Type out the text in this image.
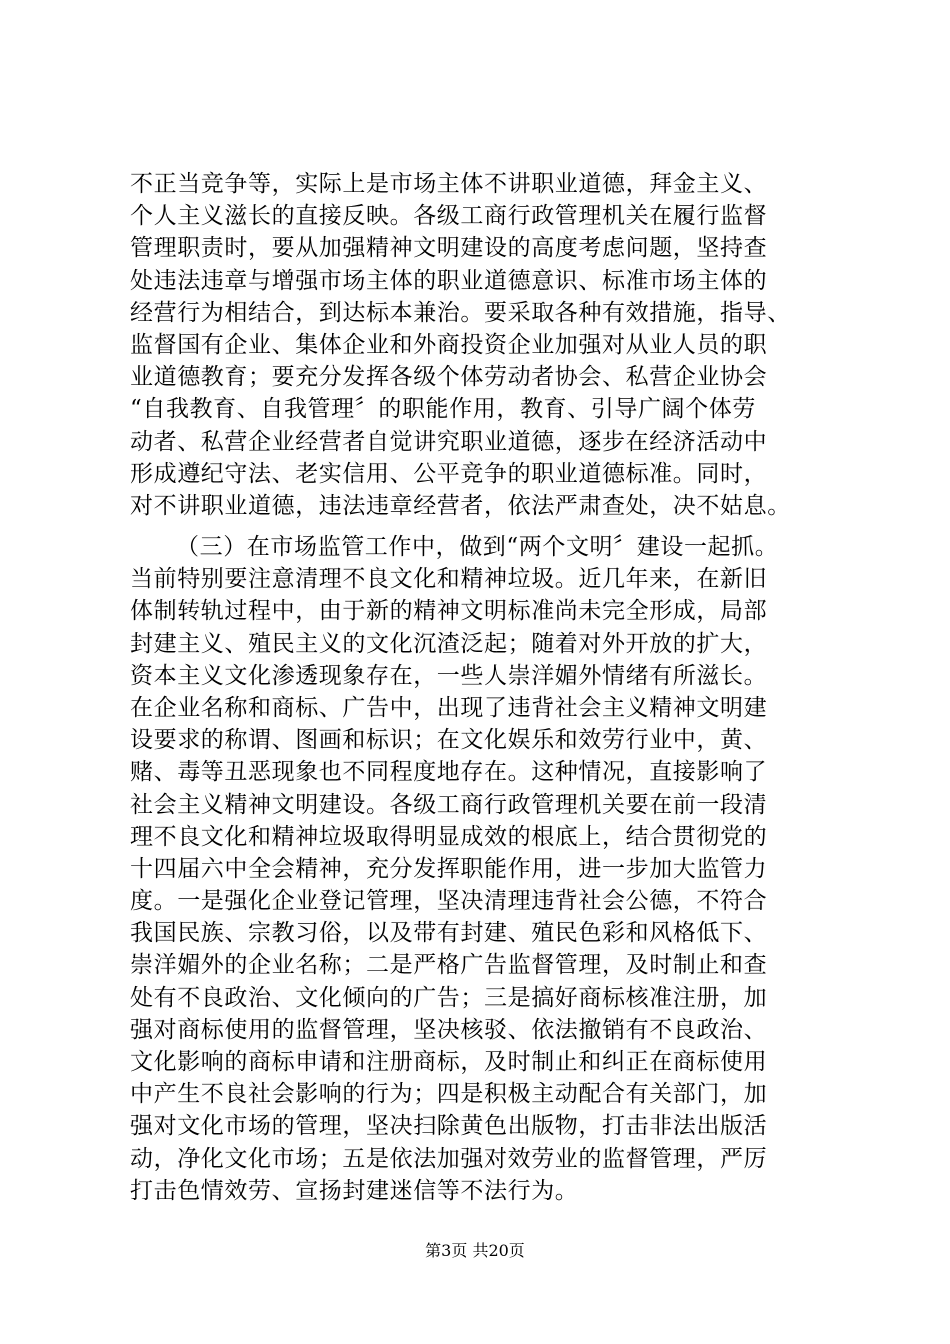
不正当竞争等，实际上是市场主体不讲职业道德，拜金主义、
个人主义滋长的直接反映。各级工商行政管理机关在履行监督
管理职责时，要从加强精神文明建设的高度考虑问题，坚持查
处违法违章与增强市场主体的职业道德意识、标准市场主体的
经营行为相结合，到达标本兼治。要采取各种有效措施，指导、
监督国有企业、集体企业和外商投资企业加强对从业人员的职
业道德教育；要充分发挥各级个体劳动者协会、私营企业协会
“自我教育、自我管理〞的职能作用，教育、引导广阔个体劳
动者、私营企业经营者自觉讲究职业道德，逐步在经济活动中
形成遵纪守法、老实信用、公平竞争的职业道德标准。同时，
对不讲职业道德，违法违章经营者，依法严肃查处，决不姑息。
（三）在市场监管工作中，做到“两个文明〞建设一起抓。
当前特别要注意清理不良文化和精神垃圾。近几年来，在新旧
体制转轨过程中，由于新的精神文明标准尚未完全形成，局部
封建主义、殖民主义的文化沉渣泛起；随着对外开放的扩大，
资本主义文化渗透现象存在，一些人崇洋媚外情绪有所滋长。
在企业名称和商标、广告中，出现了违背社会主义精神文明建
设要求的称谓、图画和标识；在文化娱乐和效劳行业中，黄、
赌、毒等丑恶现象也不同程度地存在。这种情况，直接影响了
社会主义精神文明建设。各级工商行政管理机关要在前一段清
理不良文化和精神垃圾取得明显成效的根底上，结合贯彻党的
十四届六中全会精神，充分发挥职能作用，进一步加大监管力
度。一是强化企业登记管理，坚决清理违背社会公德，不符合
我国民族、宗教习俗，以及带有封建、殖民色彩和风格低下、
崇洋媚外的企业名称；二是严格广告监督管理，及时制止和查
处有不良政治、文化倾向的广告；三是搞好商标核准注册，加
强对商标使用的监督管理，坚决核驳、依法撤销有不良政治、
文化影响的商标申请和注册商标，及时制止和纠正在商标使用
中产生不良社会影响的行为；四是积极主动配合有关部门，加
强对文化市场的管理，坚决扫除黄色出版物，打击非法出版活
动，净化文化市场；五是依法加强对效劳业的监督管理，严厉
打击色情效劳、宣扬封建迷信等不法行为。
第3页 共20页
